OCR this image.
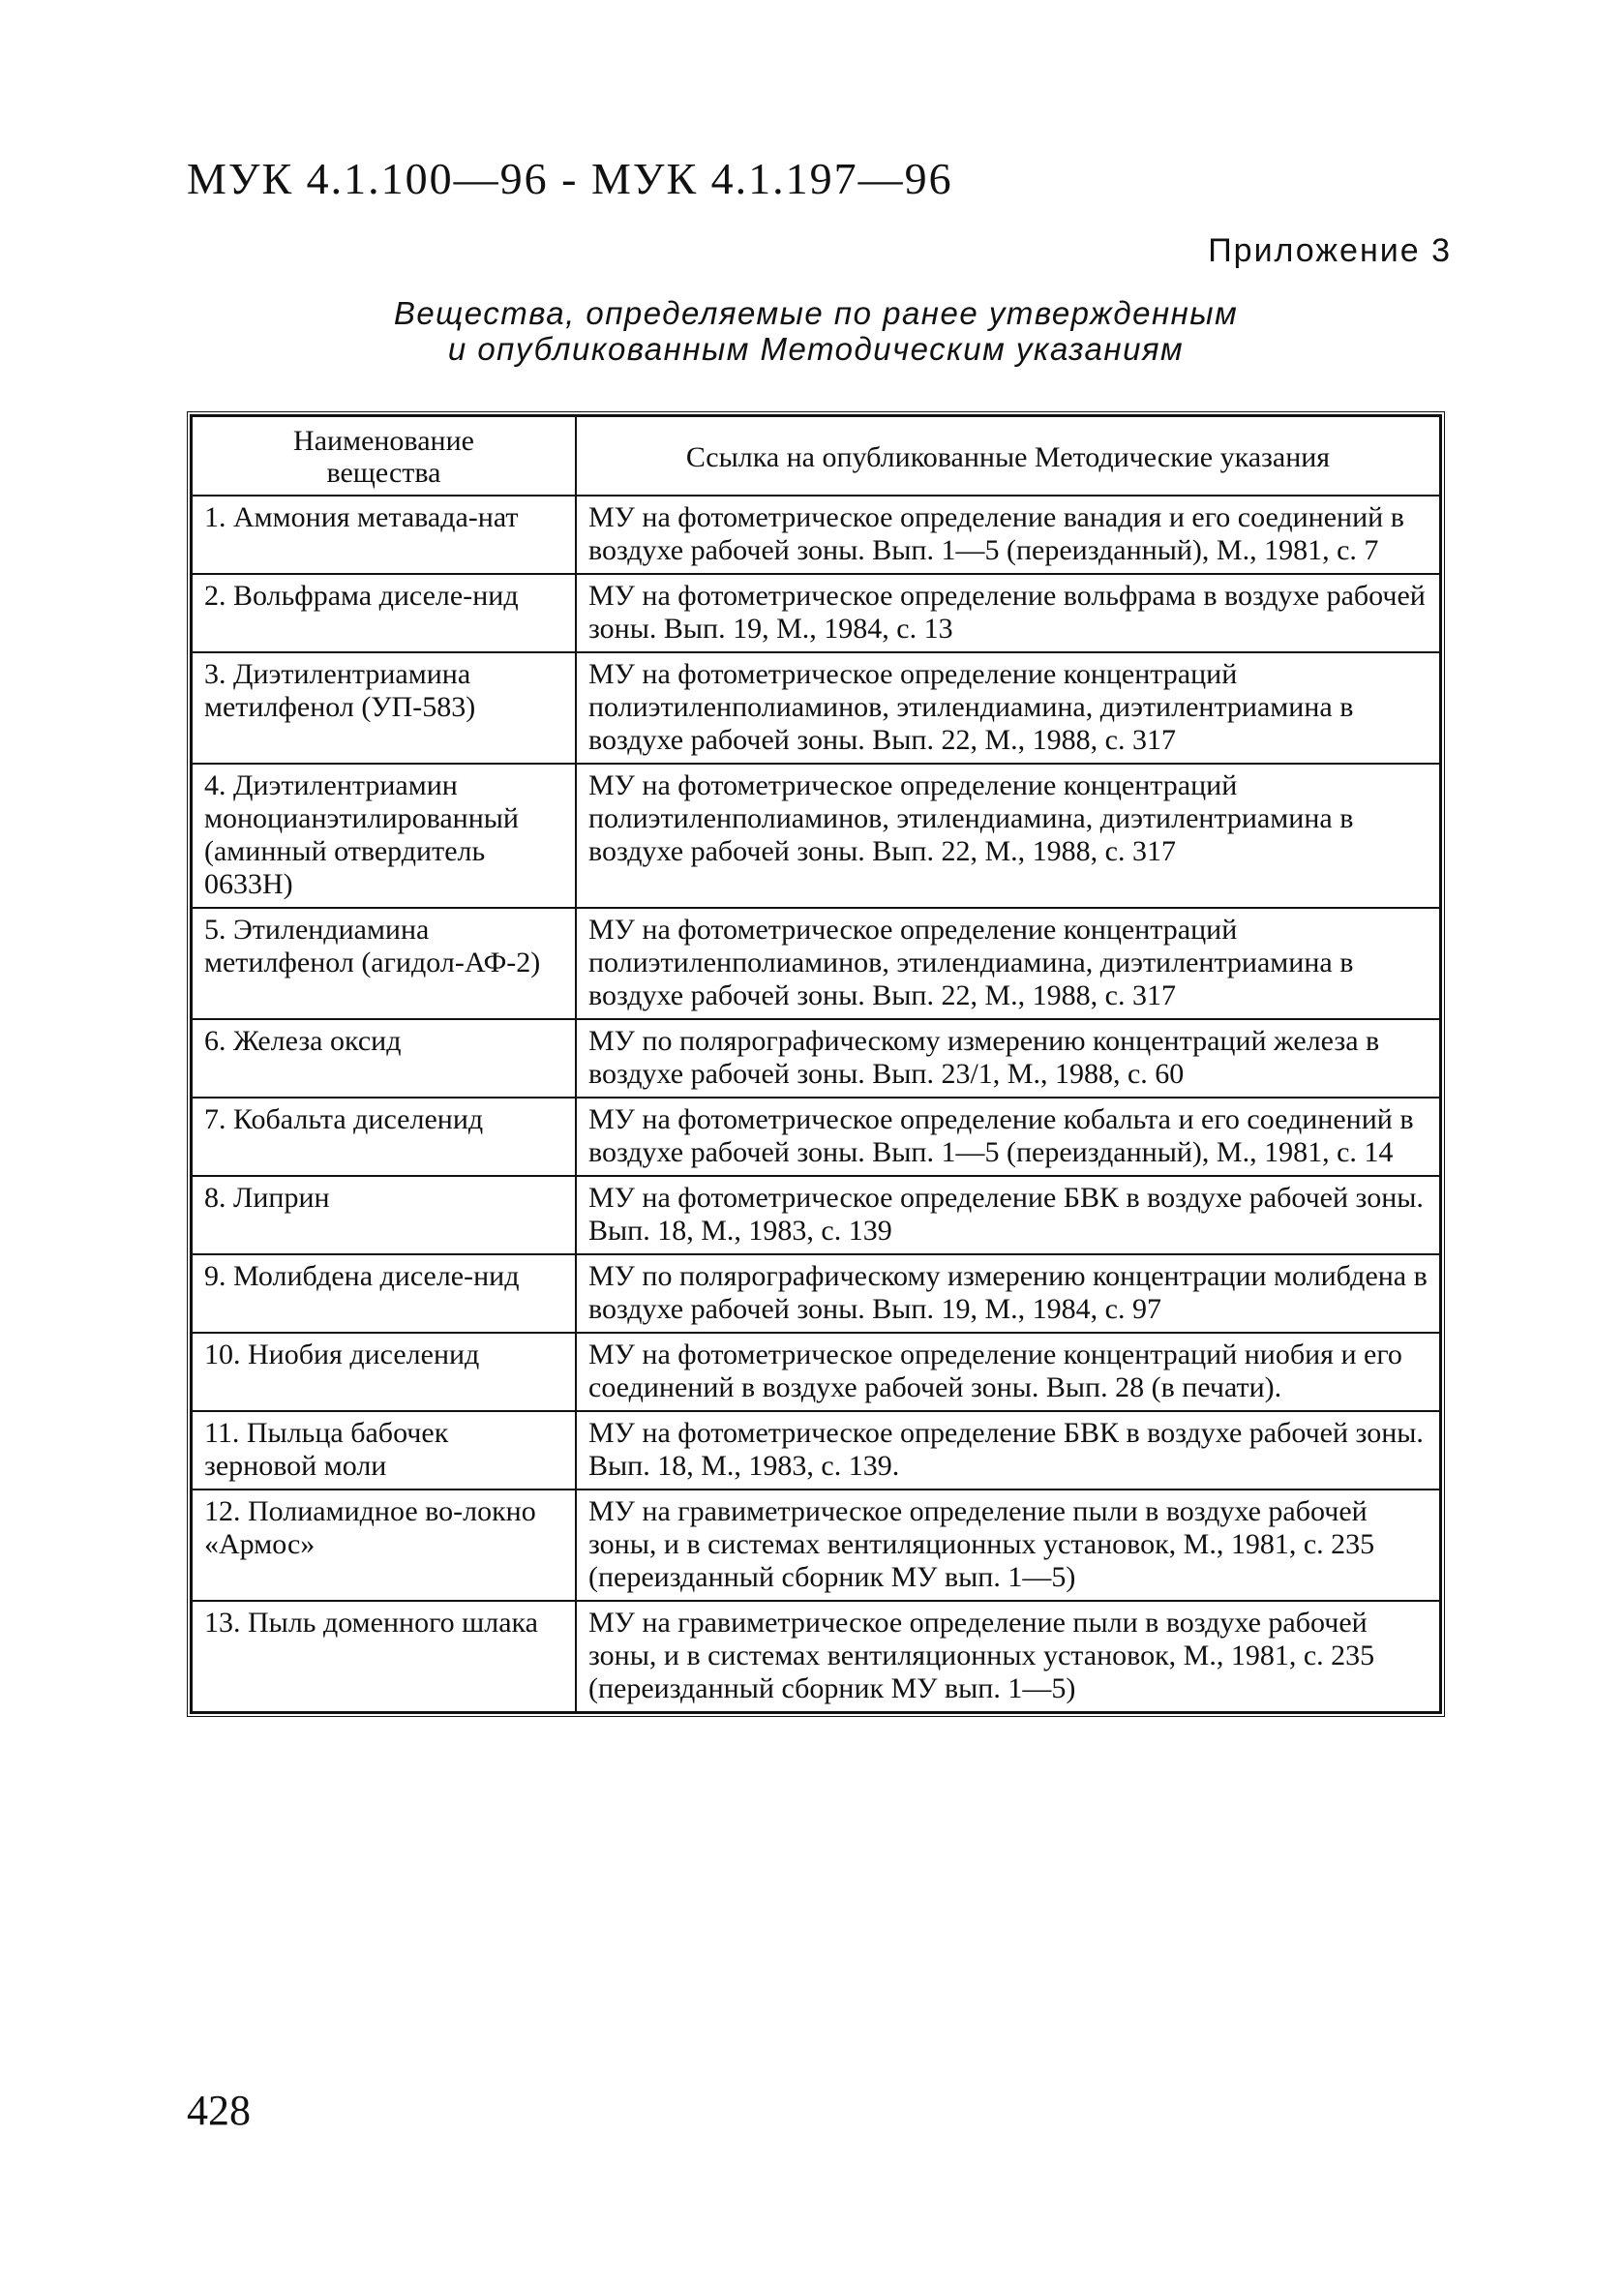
МУК 4.1.100—96 - МУК 4.1.197—96
Приложение 3
Вещества, определяемые по ранее утвержденным
и опубликованным Методическим указаниям
Наименование вещества	Ссылка на опубликованные Методические указания

1. Аммония метавада-нат	МУ на фотометрическое определение ванадия и его соединений в воздухе рабочей зоны. Вып. 1—5 (переизданный), М., 1981, с. 7
2. Вольфрама диселе-нид	МУ на фотометрическое определение вольфрама в воздухе рабочей зоны. Вып. 19, М., 1984, с. 13
3. Диэтилентриамина метилфенол (УП-583)	МУ на фотометрическое определение концентраций полиэтиленполиаминов, этилендиамина, диэтилентриамина в воздухе рабочей зоны. Вып. 22, М., 1988, с. 317
4. Диэтилентриамин моноцианэтилированный (аминный отвердитель 0633Н)	МУ на фотометрическое определение концентраций полиэтиленполиаминов, этилендиамина, диэтилентриамина в воздухе рабочей зоны. Вып. 22, М., 1988, с. 317
5. Этилендиамина метилфенол (агидол-АФ-2)	МУ на фотометрическое определение концентраций полиэтиленполиаминов, этилендиамина, диэтилентриамина в воздухе рабочей зоны. Вып. 22, М., 1988, с. 317
6. Железа оксид	МУ по полярографическому измерению концентраций железа в воздухе рабочей зоны. Вып. 23/1, М., 1988, с. 60
7. Кобальта диселенид	МУ на фотометрическое определение кобальта и его соединений в воздухе рабочей зоны. Вып. 1—5 (переизданный), М., 1981, с. 14
8. Липрин	МУ на фотометрическое определение БВК в воздухе рабочей зоны. Вып. 18, М., 1983, с. 139
9. Молибдена диселе-нид	МУ по полярографическому измерению концентрации молибдена в воздухе рабочей зоны. Вып. 19, М., 1984, с. 97
10. Ниобия диселенид	МУ на фотометрическое определение концентраций ниобия и его соединений в воздухе рабочей зоны. Вып. 28 (в печати).
11. Пыльца бабочек зерновой моли	МУ на фотометрическое определение БВК в воздухе рабочей зоны. Вып. 18, М., 1983, с. 139.
12. Полиамидное во-локно «Армос»	МУ на гравиметрическое определение пыли в воздухе рабочей зоны, и в системах вентиляционных установок, М., 1981, с. 235 (переизданный сборник МУ вып. 1—5)
13. Пыль доменного шлака	МУ на гравиметрическое определение пыли в воздухе рабочей зоны, и в системах вентиляционных установок, М., 1981, с. 235 (переизданный сборник МУ вып. 1—5)
428
